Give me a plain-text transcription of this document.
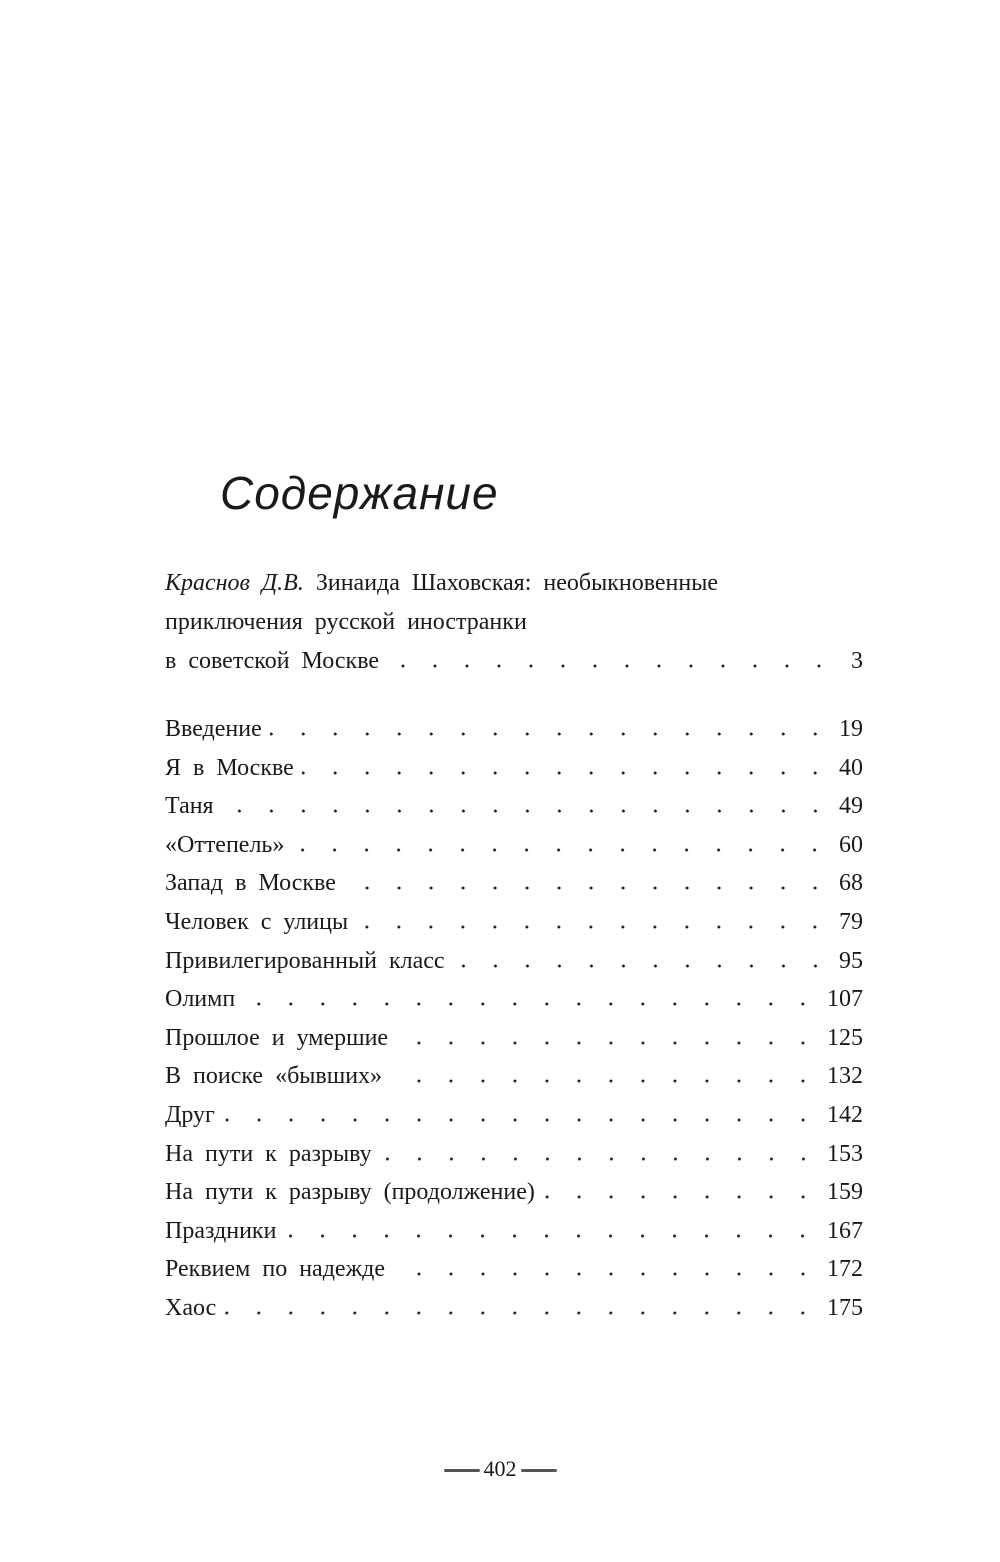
Содержание
Краснов Д.В. Зинаида Шаховская: необыкновенные
приключения русской иностранки
в советской Москве	3
Введение	19
Я в Москве	40
Таня	49
«Оттепель»	60
Запад в Москве	68
Человек с улицы	79
Привилегированный класс	95
Олимп	107
Прошлое и умершие	125
В поиске «бывших»	132
Друг	142
На пути к разрыву	153
На пути к разрыву (продолжение)	159
Праздники	167
Реквием по надежде	172
Хаос	175
402
